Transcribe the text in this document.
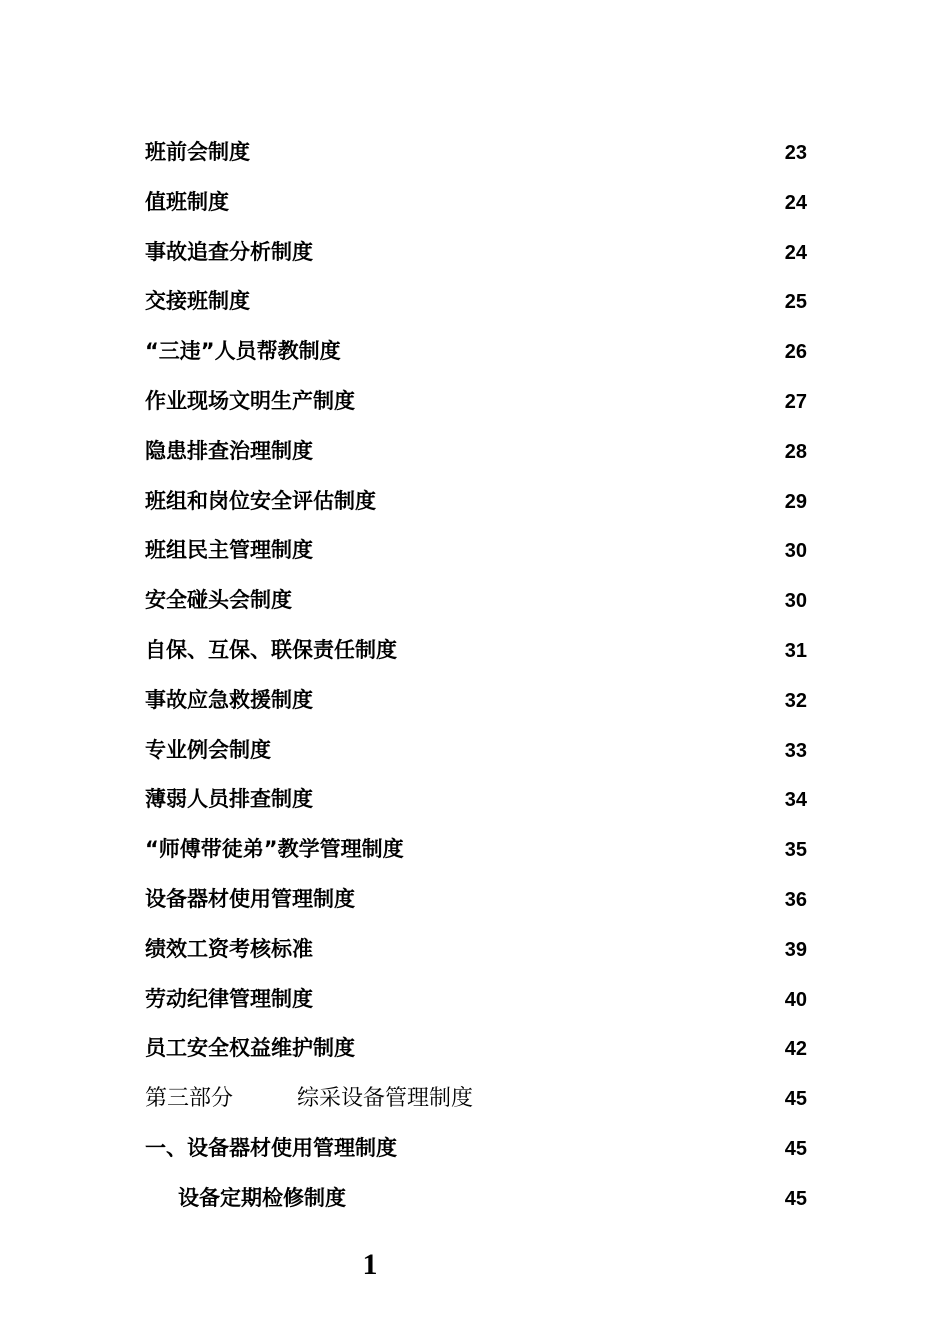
班前会制度	23
值班制度	24
事故追查分析制度	24
交接班制度	25
“三违”人员帮教制度	26
作业现场文明生产制度	27
隐患排查治理制度	28
班组和岗位安全评估制度	29
班组民主管理制度	30
安全碰头会制度	30
自保、互保、联保责任制度	31
事故应急救援制度	32
专业例会制度	33
薄弱人员排查制度	34
“师傅带徒弟”教学管理制度	35
设备器材使用管理制度	36
绩效工资考核标准	39
劳动纪律管理制度	40
员工安全权益维护制度	42
第三部分	综采设备管理制度	45
一、设备器材使用管理制度	45
设备定期检修制度	45
1
